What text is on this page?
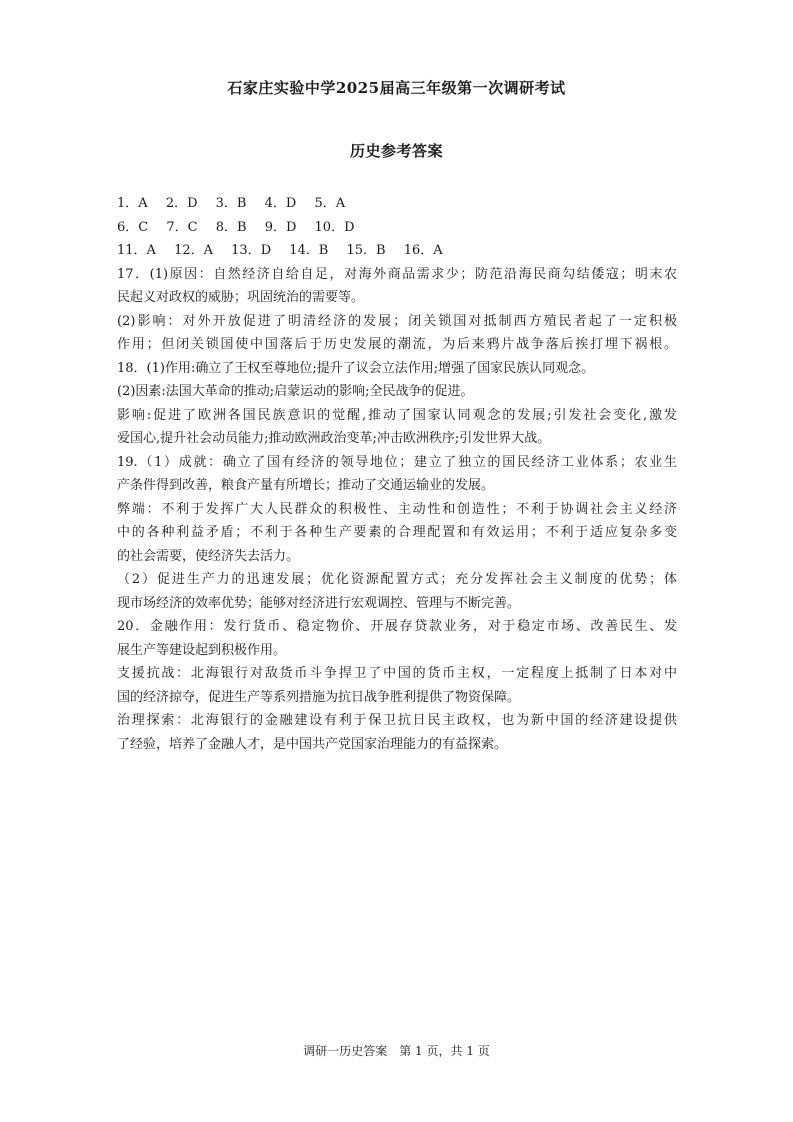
石家庄实验中学2025届高三年级第一次调研考试
历史参考答案
1．A 2．D 3．B 4．D 5．A
6．C 7．C 8．B 9．D 10．D
11．A 12．A 13．D 14．B 15．B 16．A
17．(1)原因：自然经济自给自足，对海外商品需求少；防范沿海民商勾结倭寇；明末农
民起义对政权的威胁；巩固统治的需要等。
(2)影响：对外开放促进了明清经济的发展；闭关锁国对抵制西方殖民者起了一定积极
作用；但闭关锁国使中国落后于历史发展的潮流，为后来鸦片战争落后挨打埋下祸根。
18．(1)作用:确立了王权至尊地位;提升了议会立法作用;增强了国家民族认同观念。
(2)因素:法国大革命的推动;启蒙运动的影响;全民战争的促进。
影响:促进了欧洲各国民族意识的觉醒,推动了国家认同观念的发展;引发社会变化,激发
爱国心,提升社会动员能力;推动欧洲政治变革;冲击欧洲秩序;引发世界大战。
19.（1）成就：确立了国有经济的领导地位；建立了独立的国民经济工业体系；农业生
产条件得到改善，粮食产量有所增长；推动了交通运输业的发展。
弊端：不利于发挥广大人民群众的积极性、主动性和创造性；不利于协调社会主义经济
中的各种利益矛盾；不利于各种生产要素的合理配置和有效运用；不利于适应复杂多变
的社会需要，使经济失去活力。
（2）促进生产力的迅速发展；优化资源配置方式；充分发挥社会主义制度的优势；体
现市场经济的效率优势；能够对经济进行宏观调控、管理与不断完善。
20．金融作用：发行货币、稳定物价、开展存贷款业务，对于稳定市场、改善民生、发
展生产等建设起到积极作用。
支援抗战：北海银行对敌货币斗争捍卫了中国的货币主权，一定程度上抵制了日本对中
国的经济掠夺，促进生产等系列措施为抗日战争胜利提供了物资保障。
治理探索：北海银行的金融建设有利于保卫抗日民主政权，也为新中国的经济建设提供
了经验，培养了金融人才，是中国共产党国家治理能力的有益探索。
调研一历史答案　第 1 页，共 1 页
